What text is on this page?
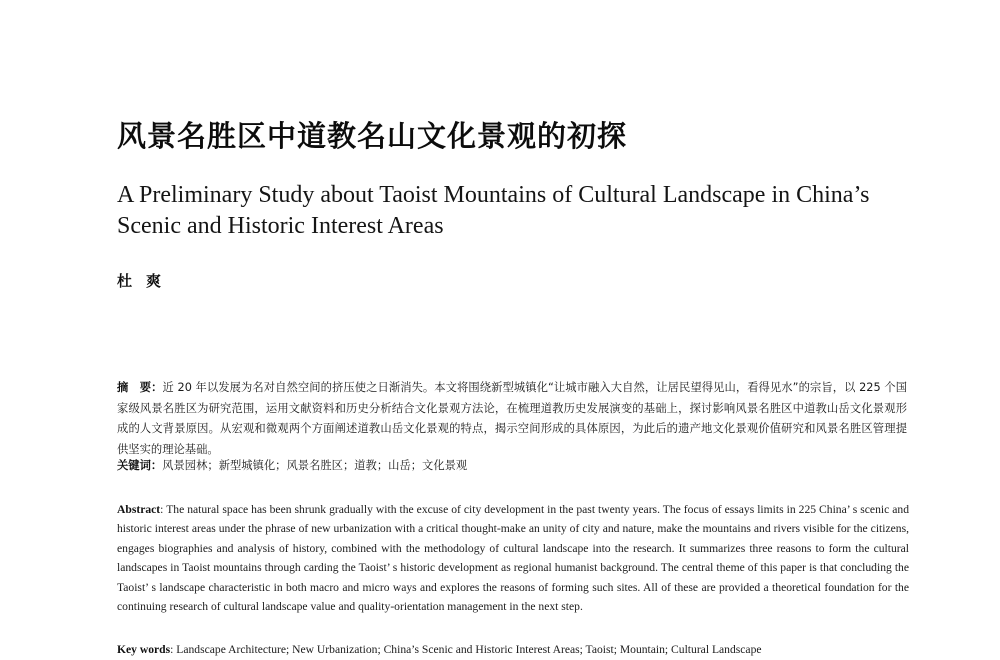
风景名胜区中道教名山文化景观的初探
A Preliminary Study about Taoist Mountains of Cultural Landscape in China’s Scenic and Historic Interest Areas
杜 爽
摘　要：近 20 年以发展为名对自然空间的挤压使之日渐消失。本文将围绕新型城镇化“让城市融入大自然，让居民望得见山，看得见水”的宗旨，以 225 个国家级风景名胜区为研究范围，运用文献资料和历史分析结合文化景观方法论，在梳理道教历史发展演变的基础上，探讨影响风景名胜区中道教山岳文化景观形成的人文背景原因。从宏观和微观两个方面阐述道教山岳文化景观的特点，揭示空间形成的具体原因，为此后的遗产地文化景观价值研究和风景名胜区管理提供坚实的理论基础。
关键词：风景园林；新型城镇化；风景名胜区；道教；山岳；文化景观
Abstract: The natural space has been shrunk gradually with the excuse of city development in the past twenty years. The focus of essays limits in 225 China’ s scenic and historic interest areas under the phrase of new urbanization with a critical thought-make an unity of city and nature, make the mountains and rivers visible for the citizens, engages biographies and analysis of history, combined with the methodology of cultural landscape into the research. It summarizes three reasons to form the cultural landscapes in Taoist mountains through carding the Taoist’ s historic development as regional humanist background. The central theme of this paper is that concluding the Taoist’ s landscape characteristic in both macro and micro ways and explores the reasons of forming such sites. All of these are provided a theoretical foundation for the continuing research of cultural landscape value and quality-orientation management in the next step.
Key words: Landscape Architecture; New Urbanization; China’s Scenic and Historic Interest Areas; Taoist; Mountain; Cultural Landscape
